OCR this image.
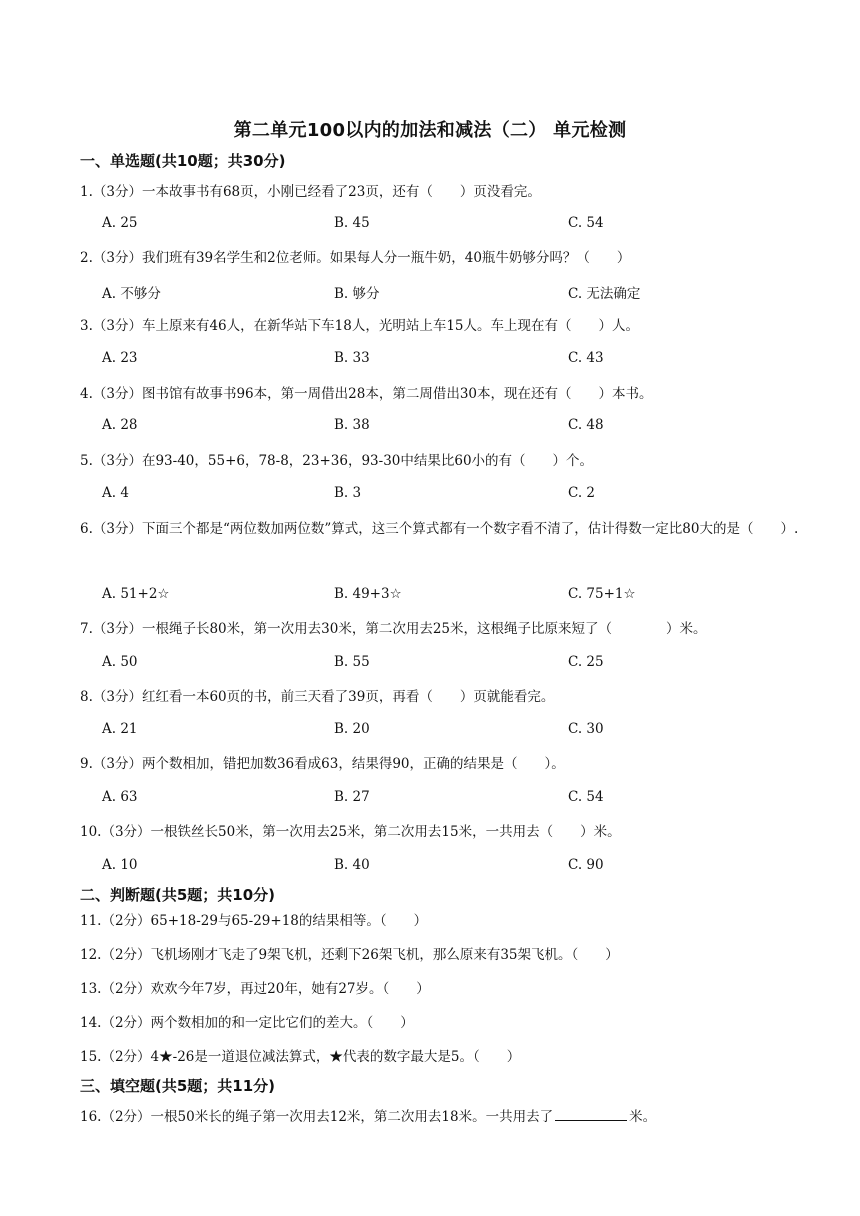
第二单元100以内的加法和减法（二） 单元检测
一、单选题(共10题；共30分)
1.（3分）一本故事书有68页，小刚已经看了23页，还有（　　）页没看完。
A. 25	B. 45	C. 54
2.（3分）我们班有39名学生和2位老师。如果每人分一瓶牛奶，40瓶牛奶够分吗？（　　）
A. 不够分	B. 够分	C. 无法确定
3.（3分）车上原来有46人，在新华站下车18人，光明站上车15人。车上现在有（　　）人。
A. 23	B. 33	C. 43
4.（3分）图书馆有故事书96本，第一周借出28本，第二周借出30本，现在还有（　　）本书。
A. 28	B. 38	C. 48
5.（3分）在93-40，55+6，78-8，23+36，93-30中结果比60小的有（　　）个。
A. 4	B. 3	C. 2
6.（3分）下面三个都是“两位数加两位数”算式，这三个算式都有一个数字看不清了，估计得数一定比80大的是（　　）.
A. 51+2☆	B. 49+3☆	C. 75+1☆
7.（3分）一根绳子长80米，第一次用去30米，第二次用去25米，这根绳子比原来短了（　　　　）米。
A. 50	B. 55	C. 25
8.（3分）红红看一本60页的书，前三天看了39页，再看（　　）页就能看完。
A. 21	B. 20	C. 30
9.（3分）两个数相加，错把加数36看成63，结果得90，正确的结果是（　　）。
A. 63	B. 27	C. 54
10.（3分）一根铁丝长50米，第一次用去25米，第二次用去15米，一共用去（　　）米。
A. 10	B. 40	C. 90
二、判断题(共5题；共10分)
11.（2分）65+18-29与65-29+18的结果相等。（　　）
12.（2分）飞机场刚才飞走了9架飞机，还剩下26架飞机，那么原来有35架飞机。（　　）
13.（2分）欢欢今年7岁，再过20年，她有27岁。（　　）
14.（2分）两个数相加的和一定比它们的差大。（　　）
15.（2分）4★-26是一道退位减法算式，★代表的数字最大是5。（　　）
三、填空题(共5题；共11分)
16.（2分）一根50米长的绳子第一次用去12米，第二次用去18米。一共用去了	米。
